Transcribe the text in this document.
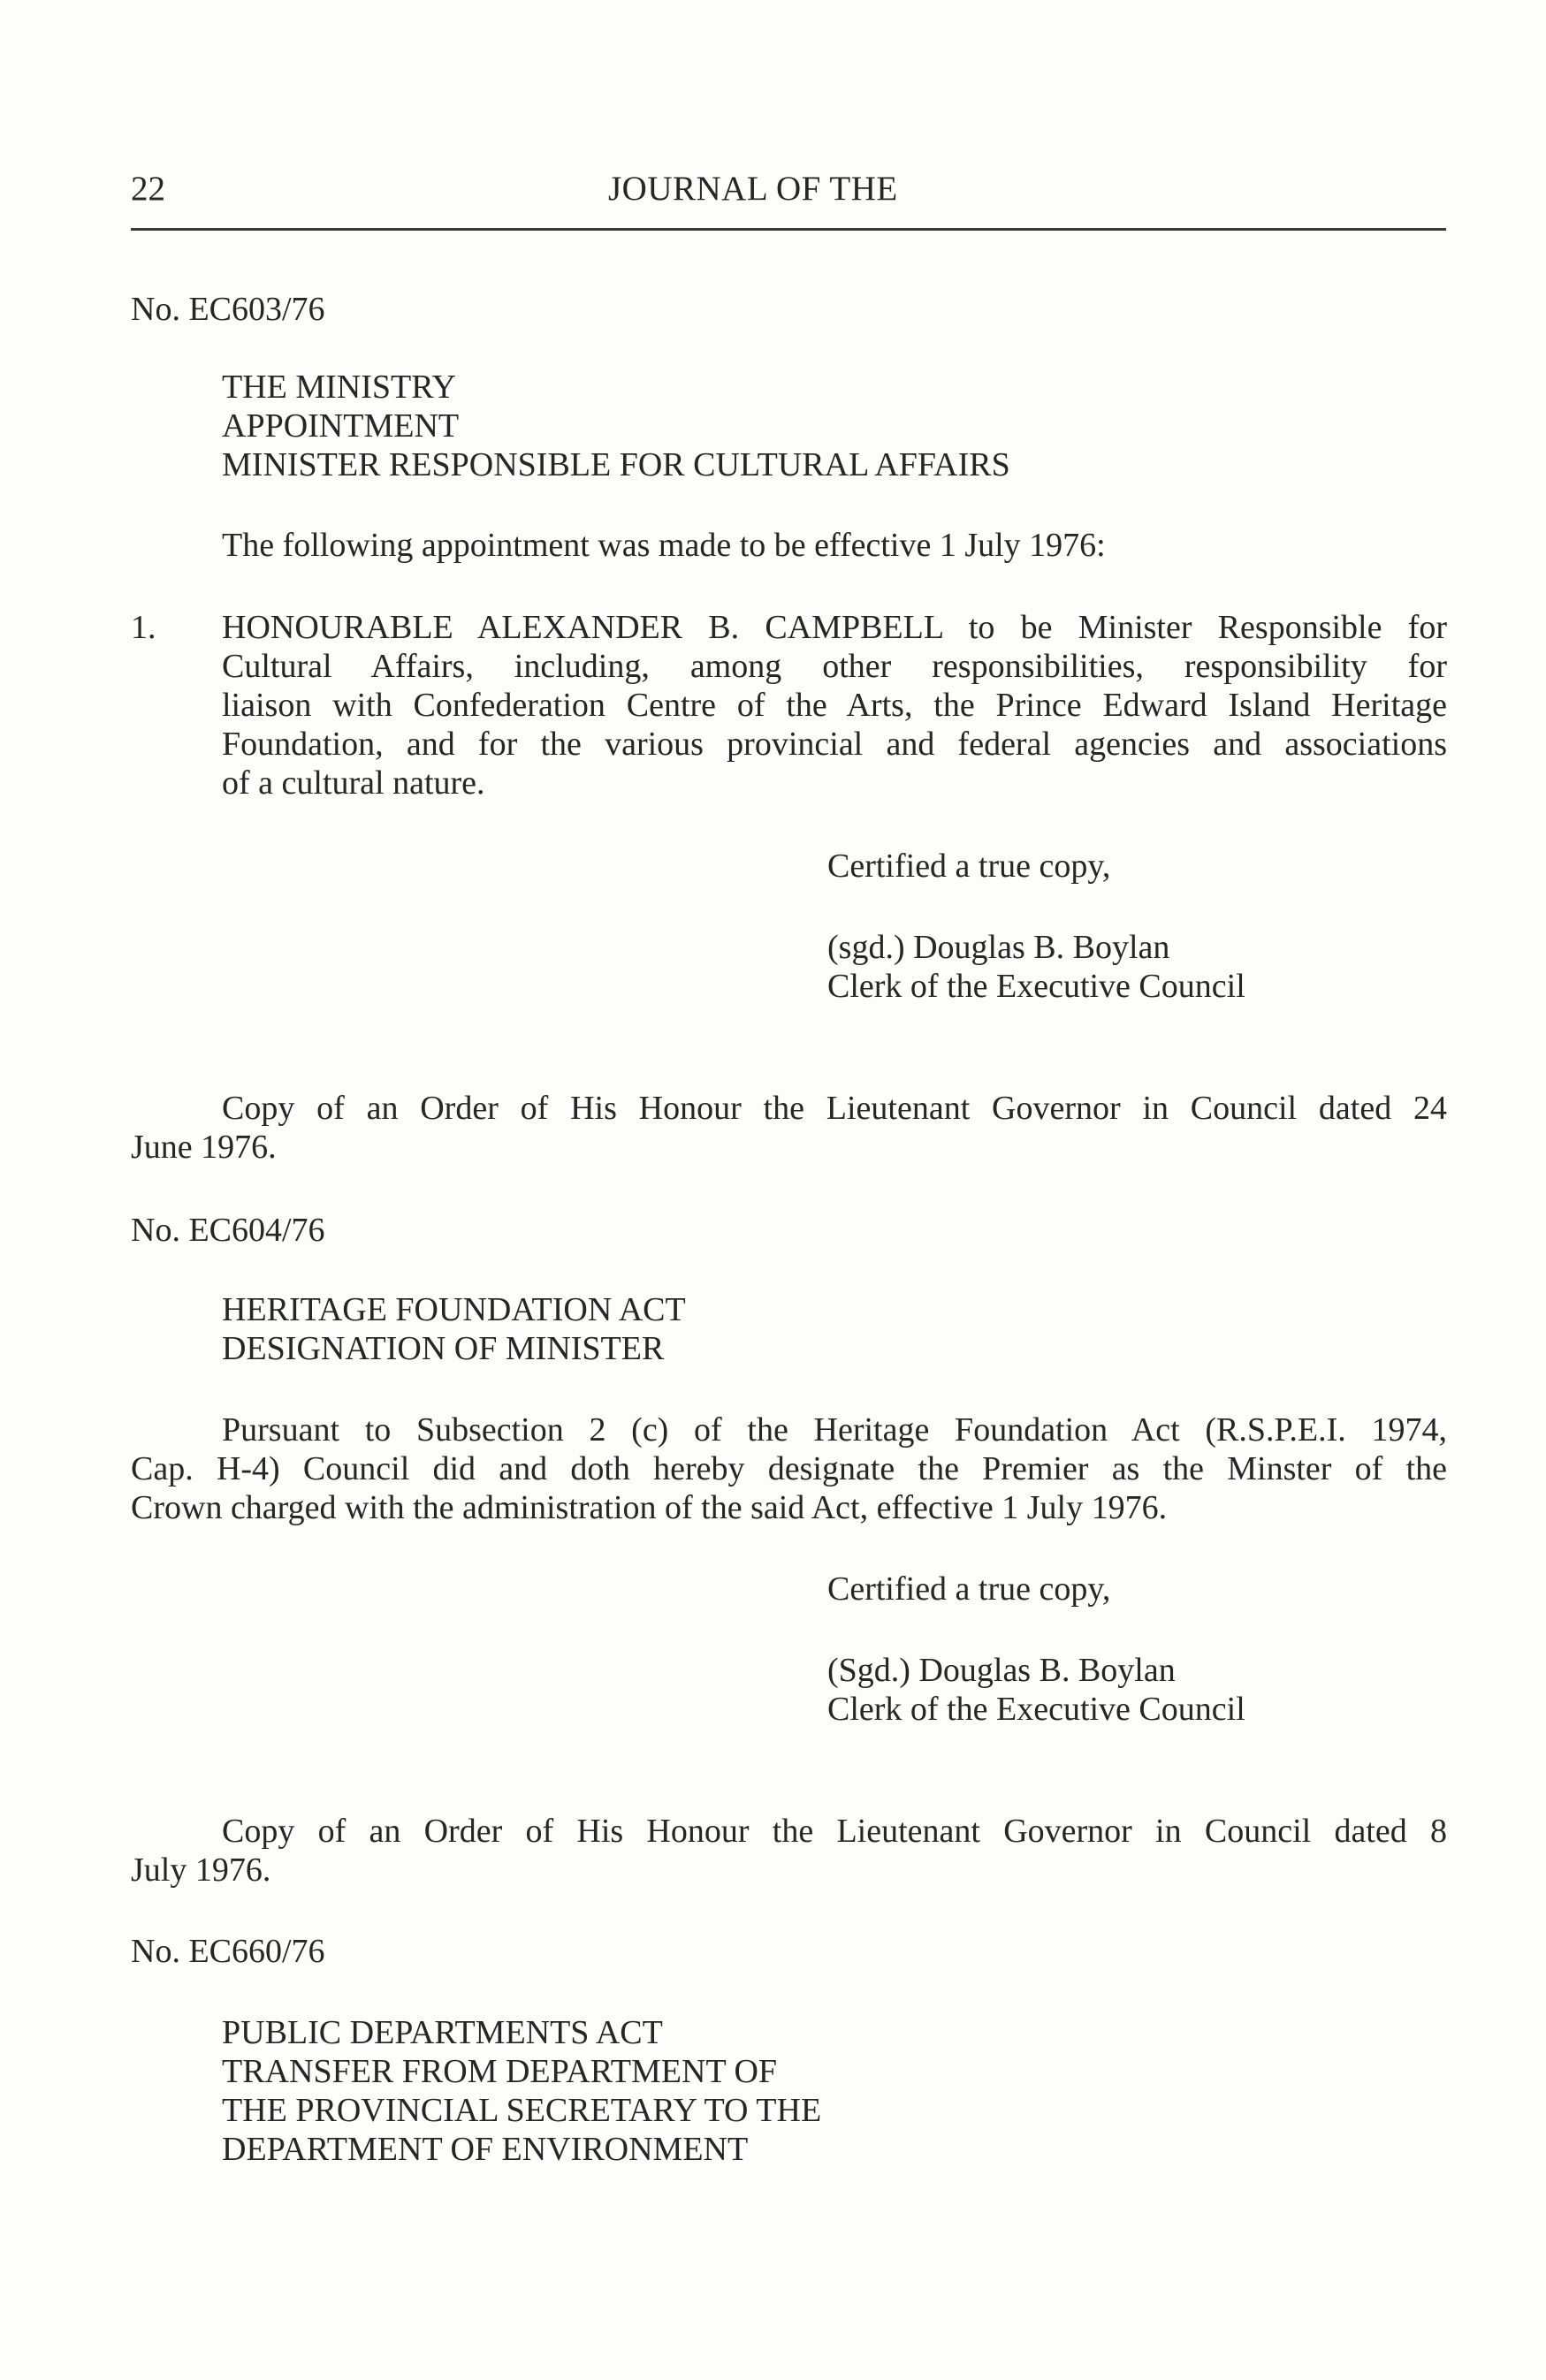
22	JOURNAL OF THE
No. EC603/76
THE MINISTRY
APPOINTMENT
MINISTER RESPONSIBLE FOR CULTURAL AFFAIRS
The following appointment was made to be effective 1 July 1976:
1. HONOURABLE ALEXANDER B. CAMPBELL to be Minister Responsible for
Cultural Affairs, including, among other responsibilities, responsibility for
liaison with Confederation Centre of the Arts, the Prince Edward Island Heritage
Foundation, and for the various provincial and federal agencies and associations
of a cultural nature.
Certified a true copy,
(sgd.) Douglas B. Boylan
Clerk of the Executive Council
Copy of an Order of His Honour the Lieutenant Governor in Council dated 24
June 1976.
No. EC604/76
HERITAGE FOUNDATION ACT
DESIGNATION OF MINISTER
Pursuant to Subsection 2 (c) of the Heritage Foundation Act (R.S.P.E.I. 1974,
Cap. H-4) Council did and doth hereby designate the Premier as the Minster of the
Crown charged with the administration of the said Act, effective 1 July 1976.
Certified a true copy,
(Sgd.) Douglas B. Boylan
Clerk of the Executive Council
Copy of an Order of His Honour the Lieutenant Governor in Council dated 8
July 1976.
No. EC660/76
PUBLIC DEPARTMENTS ACT
TRANSFER FROM DEPARTMENT OF
THE PROVINCIAL SECRETARY TO THE
DEPARTMENT OF ENVIRONMENT
